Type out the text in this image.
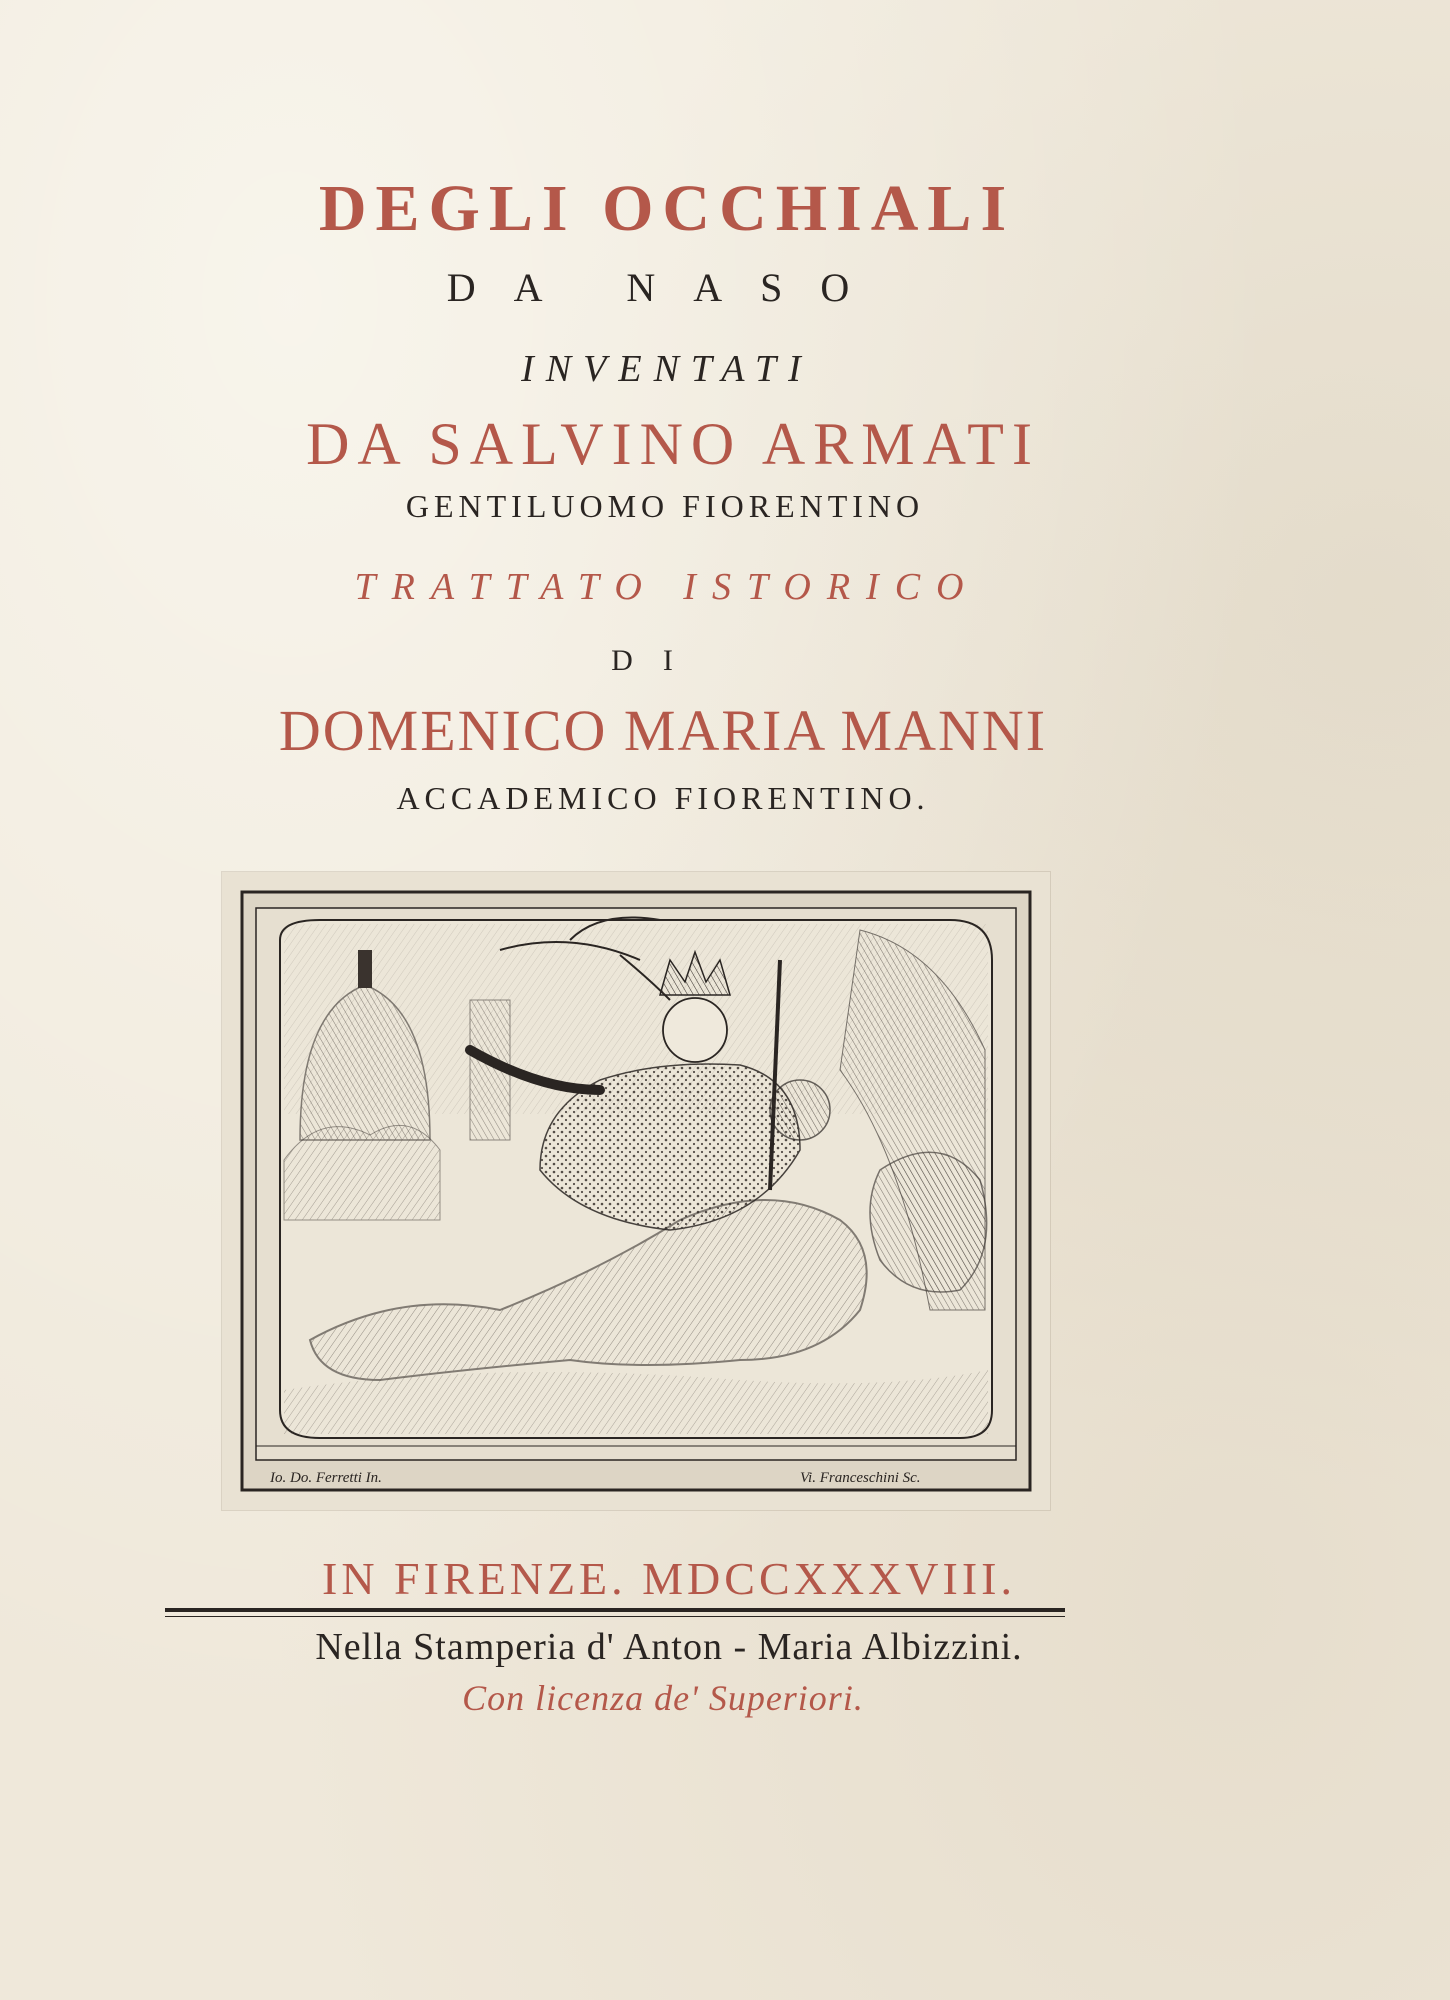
DEGLI OCCHIALI
DA NASO
INVENTATI
DA SALVINO ARMATI
GENTILUOMO FIORENTINO
TRATTATO ISTORICO
DI
DOMENICO MARIA MANNI
ACCADEMICO FIORENTINO.
Io. Do. Ferretti In.	Vi. Franceschini Sc.
IN FIRENZE. MDCCXXXVIII.
Nella Stamperia d' Anton - Maria Albizzini.
Con licenza de' Superiori.
